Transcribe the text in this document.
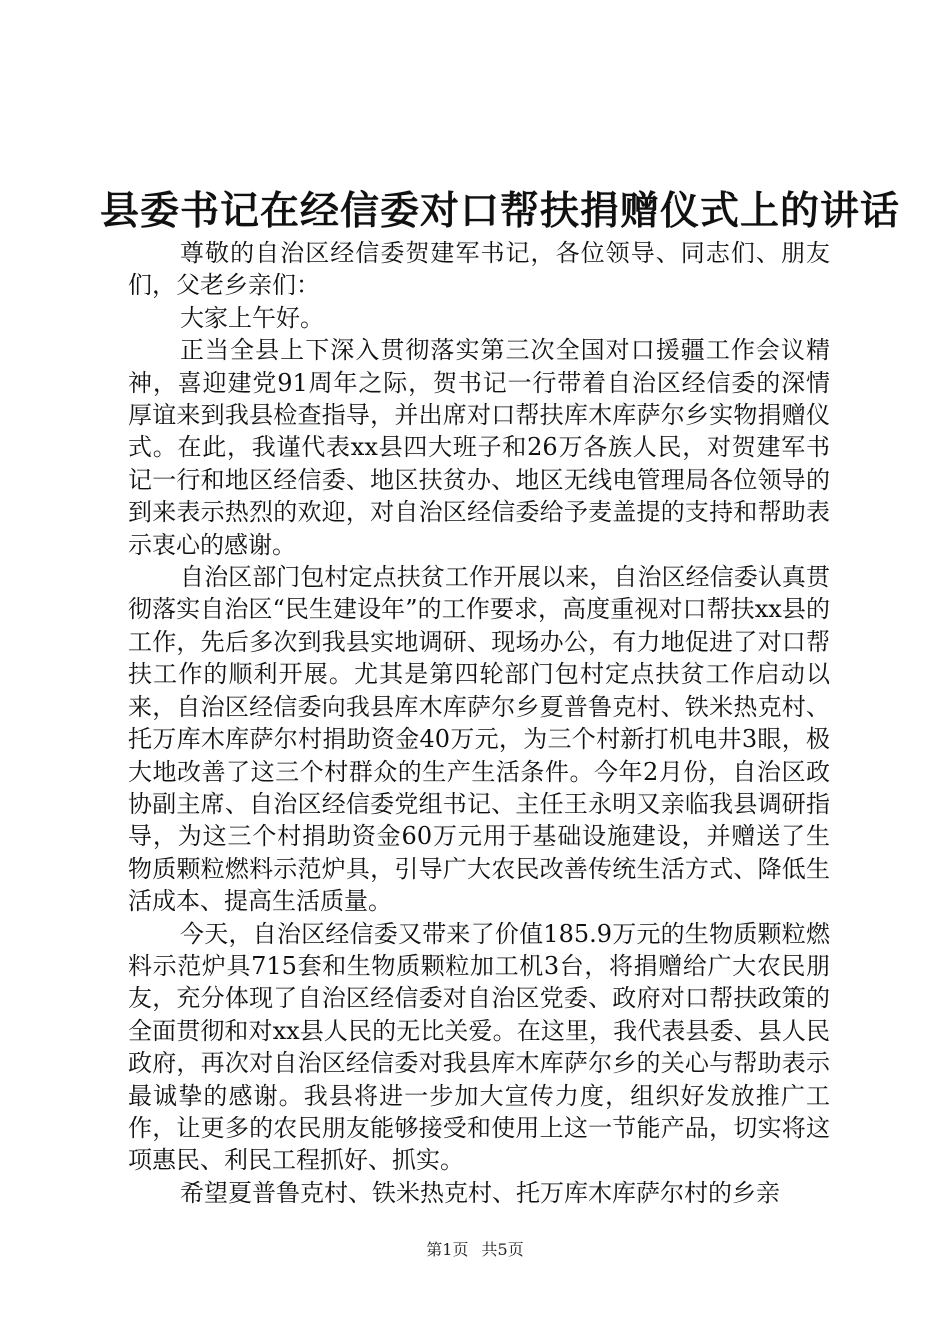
县委书记在经信委对口帮扶捐赠仪式上的讲话

尊敬的自治区经信委贺建军书记，各位领导、同志们、朋友们，父老乡亲们：

大家上午好。

正当全县上下深入贯彻落实第三次全国对口援疆工作会议精神，喜迎建党91周年之际，贺书记一行带着自治区经信委的深情厚谊来到我县检查指导，并出席对口帮扶库木库萨尔乡实物捐赠仪式。在此，我谨代表xx县四大班子和26万各族人民，对贺建军书记一行和地区经信委、地区扶贫办、地区无线电管理局各位领导的到来表示热烈的欢迎，对自治区经信委给予麦盖提的支持和帮助表示衷心的感谢。

自治区部门包村定点扶贫工作开展以来，自治区经信委认真贯彻落实自治区“民生建设年”的工作要求，高度重视对口帮扶xx县的工作，先后多次到我县实地调研、现场办公，有力地促进了对口帮扶工作的顺利开展。尤其是第四轮部门包村定点扶贫工作启动以来，自治区经信委向我县库木库萨尔乡夏普鲁克村、铁米热克村、托万库木库萨尔村捐助资金40万元，为三个村新打机电井3眼，极大地改善了这三个村群众的生产生活条件。今年2月份，自治区政协副主席、自治区经信委党组书记、主任王永明又亲临我县调研指导，为这三个村捐助资金60万元用于基础设施建设，并赠送了生物质颗粒燃料示范炉具，引导广大农民改善传统生活方式、降低生活成本、提高生活质量。

今天，自治区经信委又带来了价值185.9万元的生物质颗粒燃料示范炉具715套和生物质颗粒加工机3台，将捐赠给广大农民朋友，充分体现了自治区经信委对自治区党委、政府对口帮扶政策的全面贯彻和对xx县人民的无比关爱。在这里，我代表县委、县人民政府，再次对自治区经信委对我县库木库萨尔乡的关心与帮助表示最诚挚的感谢。我县将进一步加大宣传力度，组织好发放推广工作，让更多的农民朋友能够接受和使用上这一节能产品，切实将这项惠民、利民工程抓好、抓实。

希望夏普鲁克村、铁米热克村、托万库木库萨尔村的乡亲

第1页 共5页
